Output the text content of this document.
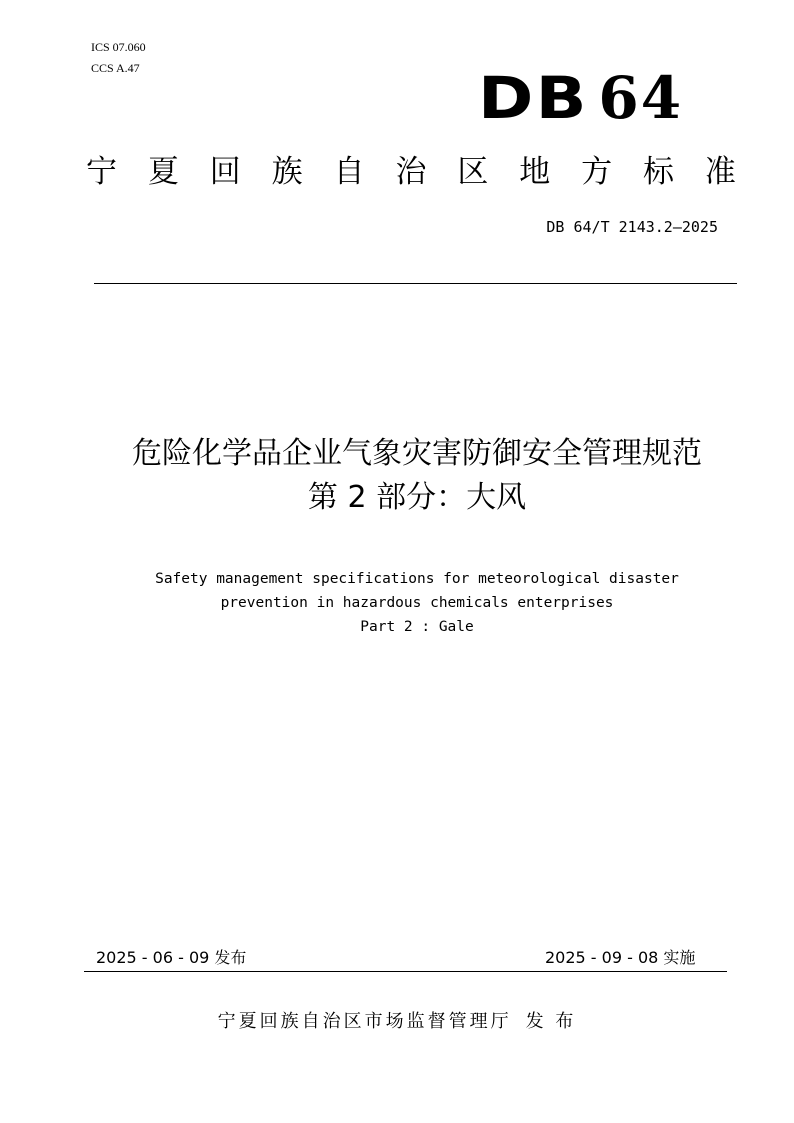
ICS 07.060
CCS A.47	DB 64
宁 夏 回 族 自 治 区 地 方 标 准
DB 64/T 2143.2—2025
危险化学品企业气象灾害防御安全管理规范
第 2 部分：大风
Safety management specifications for meteorological disaster
prevention in hazardous chemicals enterprises
Part 2 : Gale
2025 - 06 - 09 发布	2025 - 09 - 08 实施
宁夏回族自治区市场监督管理厅 发 布
